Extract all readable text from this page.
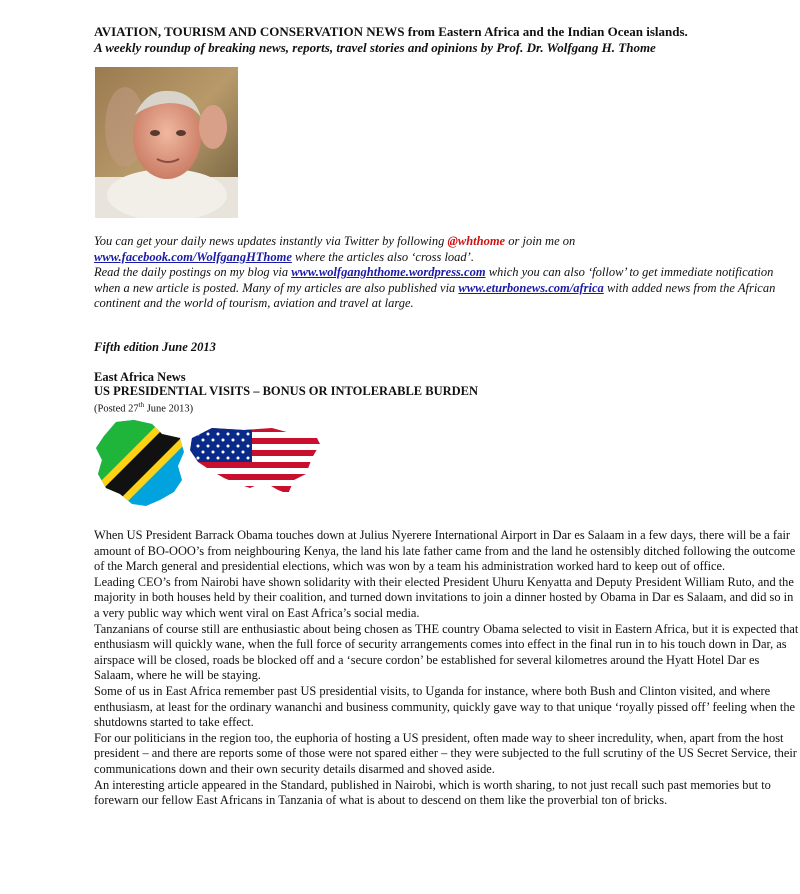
AVIATION, TOURISM AND CONSERVATION NEWS from Eastern Africa and the Indian Ocean islands.
A weekly roundup of breaking news, reports, travel stories and opinions by Prof. Dr. Wolfgang H. Thome
You can get your daily news updates instantly via Twitter by following @whthome or join me on
www.facebook.com/WolfgangHThome where the articles also ‘cross load’.
Read the daily postings on my blog via www.wolfganghthome.wordpress.com which you can also ‘follow’ to get immediate notification when a new article is posted. Many of my articles are also published via www.eturbonews.com/africa with added news from the African continent and the world of tourism, aviation and travel at large.
Fifth edition June 2013
East Africa News
US PRESIDENTIAL VISITS – BONUS OR INTOLERABLE BURDEN
(Posted 27th June 2013)

When US President Barrack Obama touches down at Julius Nyerere International Airport in Dar es Salaam in a few days, there will be a fair amount of BO-OOO’s from neighbouring Kenya, the land his late father came from and the land he ostensibly ditched following the outcome of the March general and presidential elections, which was won by a team his administration worked hard to keep out of office.

Leading CEO’s from Nairobi have shown solidarity with their elected President Uhuru Kenyatta and Deputy President William Ruto, and the majority in both houses held by their coalition, and turned down invitations to join a dinner hosted by Obama in Dar es Salaam, and did so in a very public way which went viral on East Africa’s social media.

Tanzanians of course still are enthusiastic about being chosen as THE country Obama selected to visit in Eastern Africa, but it is expected that enthusiasm will quickly wane, when the full force of security arrangements comes into effect in the final run in to his touch down in Dar, as airspace will be closed, roads be blocked off and a ‘secure cordon’ be established for several kilometres around the Hyatt Hotel Dar es Salaam, where he will be staying.

Some of us in East Africa remember past US presidential visits, to Uganda for instance, where both Bush and Clinton visited, and where enthusiasm, at least for the ordinary wananchi and business community, quickly gave way to that unique ‘royally pissed off’ feeling when the shutdowns started to take effect.

For our politicians in the region too, the euphoria of hosting a US president, often made way to sheer incredulity, when, apart from the host president – and there are reports some of those were not spared either – they were subjected to the full scrutiny of the US Secret Service, their communications down and their own security details disarmed and shoved aside.

An interesting article appeared in the Standard, published in Nairobi, which is worth sharing, to not just recall such past memories but to forewarn our fellow East Africans in Tanzania of what is about to descend on them like the proverbial ton of bricks.
